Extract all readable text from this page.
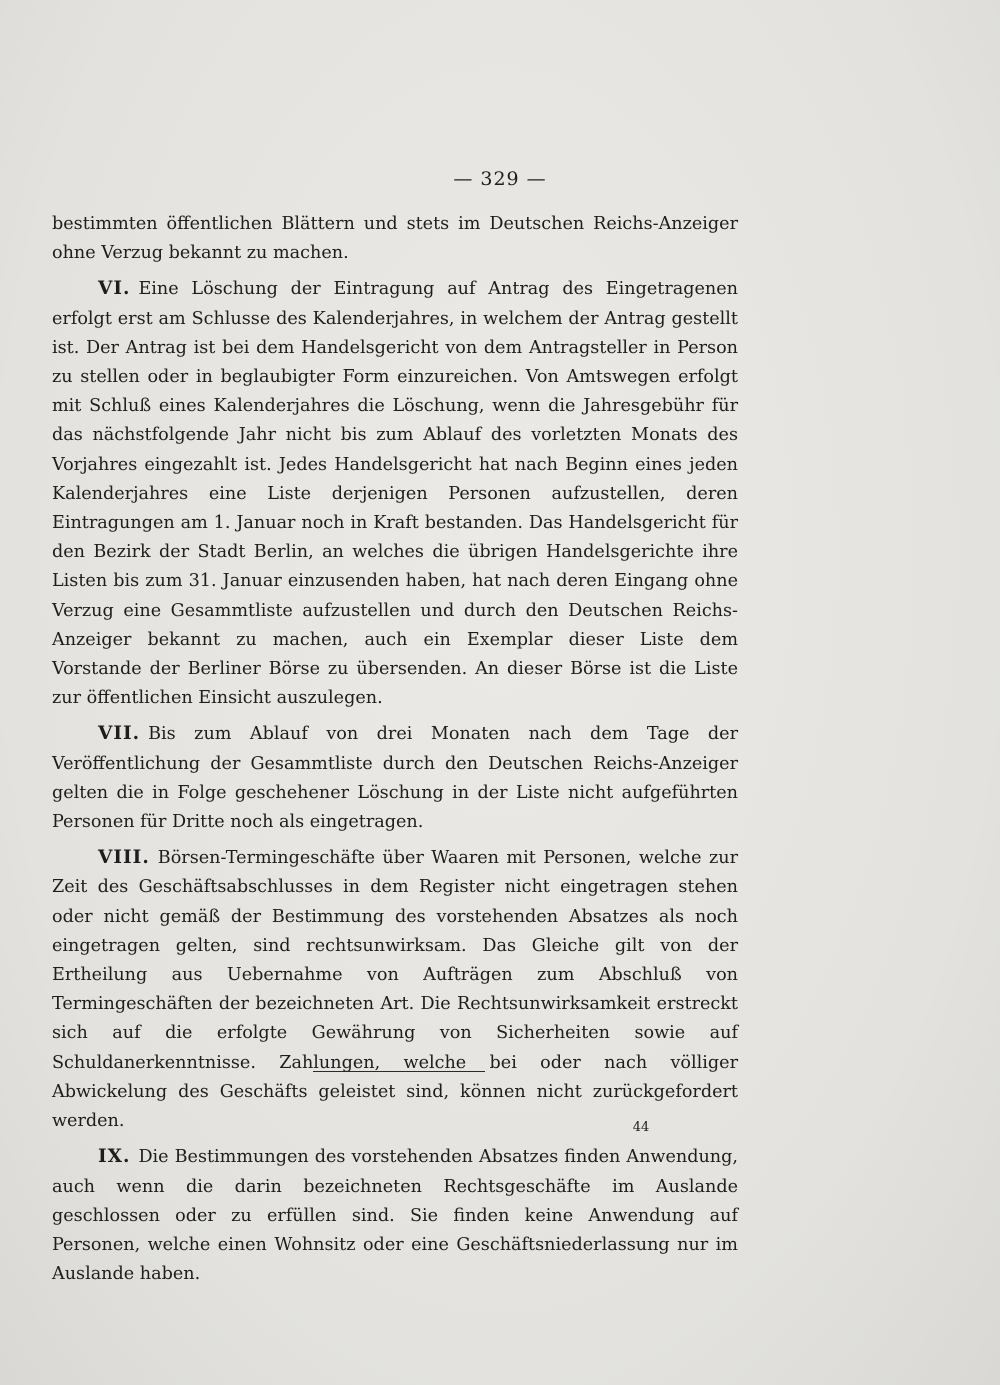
— 329 —

bestimmten öffentlichen Blättern und stets im Deutschen Reichs-Anzeiger ohne Verzug bekannt zu machen.

VI. Eine Löschung der Eintragung auf Antrag des Eingetragenen erfolgt erst am Schlusse des Kalenderjahres, in welchem der Antrag gestellt ist. Der Antrag ist bei dem Handelsgericht von dem Antragsteller in Person zu stellen oder in beglaubigter Form einzureichen. Von Amtswegen erfolgt mit Schluß eines Kalenderjahres die Löschung, wenn die Jahresgebühr für das nächstfolgende Jahr nicht bis zum Ablauf des vorletzten Monats des Vorjahres eingezahlt ist. Jedes Handelsgericht hat nach Beginn eines jeden Kalenderjahres eine Liste derjenigen Personen aufzustellen, deren Eintragungen am 1. Januar noch in Kraft bestanden. Das Handelsgericht für den Bezirk der Stadt Berlin, an welches die übrigen Handelsgerichte ihre Listen bis zum 31. Januar einzusenden haben, hat nach deren Eingang ohne Verzug eine Gesammtliste aufzustellen und durch den Deutschen Reichs-Anzeiger bekannt zu machen, auch ein Exemplar dieser Liste dem Vorstande der Berliner Börse zu übersenden. An dieser Börse ist die Liste zur öffentlichen Einsicht auszulegen.

VII. Bis zum Ablauf von drei Monaten nach dem Tage der Veröffentlichung der Gesammtliste durch den Deutschen Reichs-Anzeiger gelten die in Folge geschehener Löschung in der Liste nicht aufgeführten Personen für Dritte noch als eingetragen.

VIII. Börsen-Termingeschäfte über Waaren mit Personen, welche zur Zeit des Geschäftsabschlusses in dem Register nicht eingetragen stehen oder nicht gemäß der Bestimmung des vorstehenden Absatzes als noch eingetragen gelten, sind rechtsunwirksam. Das Gleiche gilt von der Ertheilung aus Uebernahme von Aufträgen zum Abschluß von Termingeschäften der bezeichneten Art. Die Rechtsunwirksamkeit erstreckt sich auf die erfolgte Gewährung von Sicherheiten sowie auf Schuldanerkenntnisse. Zahlungen, welche bei oder nach völliger Abwickelung des Geschäfts geleistet sind, können nicht zurückgefordert werden.

IX. Die Bestimmungen des vorstehenden Absatzes finden Anwendung, auch wenn die darin bezeichneten Rechtsgeschäfte im Auslande geschlossen oder zu erfüllen sind. Sie finden keine Anwendung auf Personen, welche einen Wohnsitz oder eine Geschäftsniederlassung nur im Auslande haben.

44
